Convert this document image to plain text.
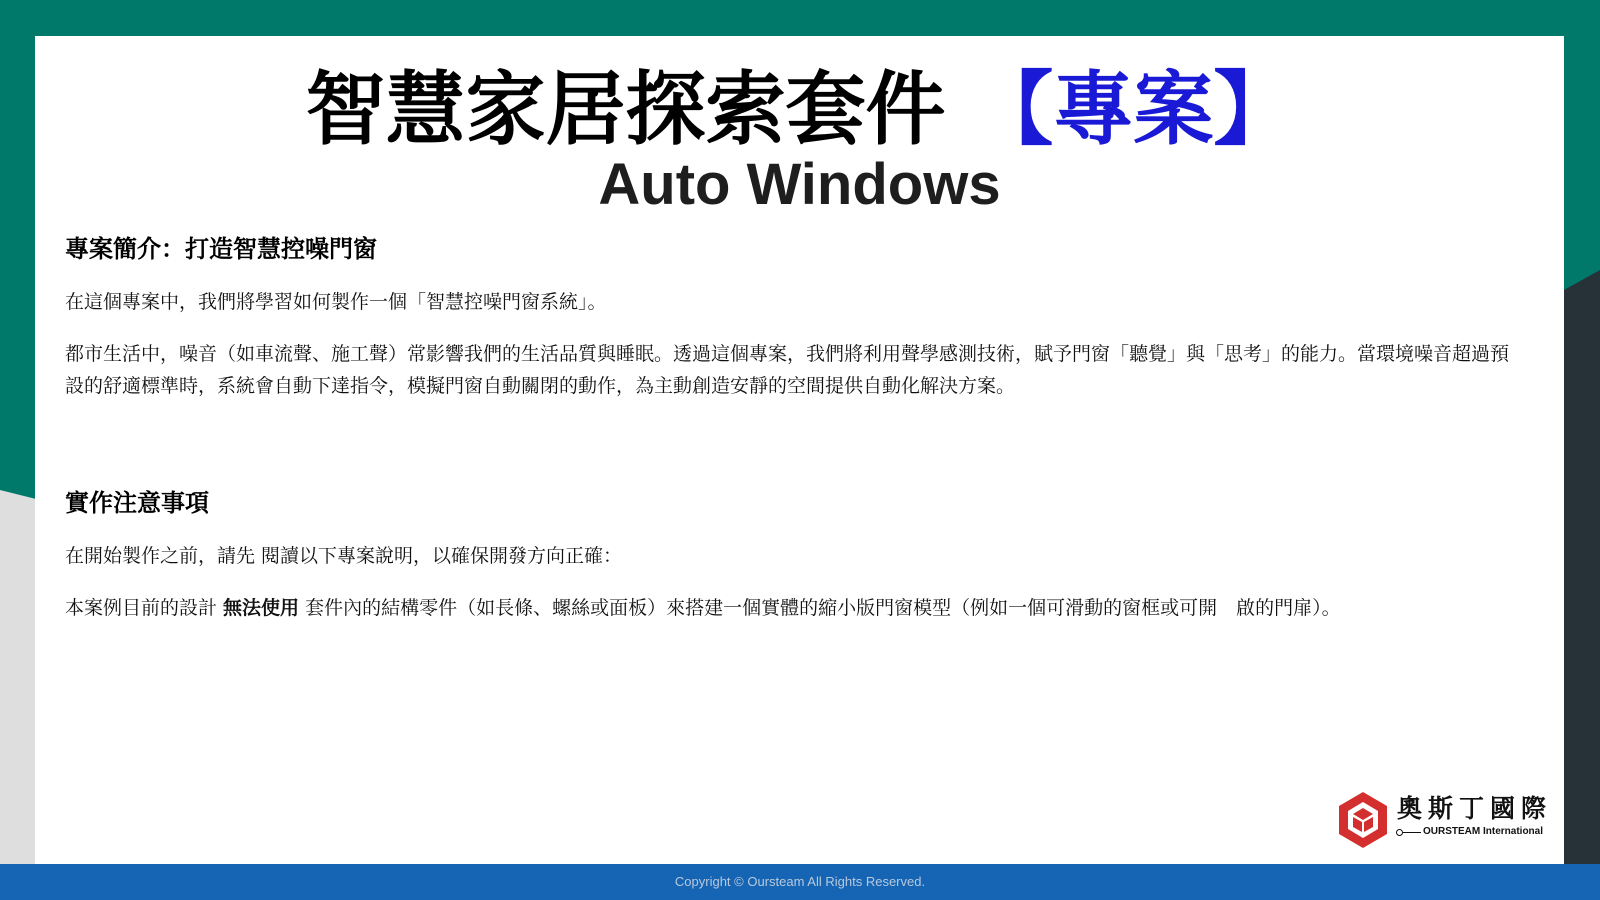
智慧家居探索套件 【專案】
Auto Windows
專案簡介：打造智慧控噪門窗
在這個專案中，我們將學習如何製作一個「智慧控噪門窗系統」。
都市生活中，噪音（如車流聲、施工聲）常影響我們的生活品質與睡眠。透過這個專案，我們將利用聲學感測技術，賦予門窗「聽覺」與「思考」的能力。當環境噪音超過預設的舒適標準時，系統會自動下達指令，模擬門窗自動關閉的動作，為主動創造安靜的空間提供自動化解決方案。
實作注意事項
在開始製作之前，請先 閱讀以下專案說明，以確保開發方向正確：
本案例目前的設計 無法使用 套件內的結構零件（如長條、螺絲或面板）來搭建一個實體的縮小版門窗模型（例如一個可滑動的窗框或可開　啟的門扉）。
奧斯丁國際
OURSTEAM International
Copyright © Oursteam All Rights Reserved.
